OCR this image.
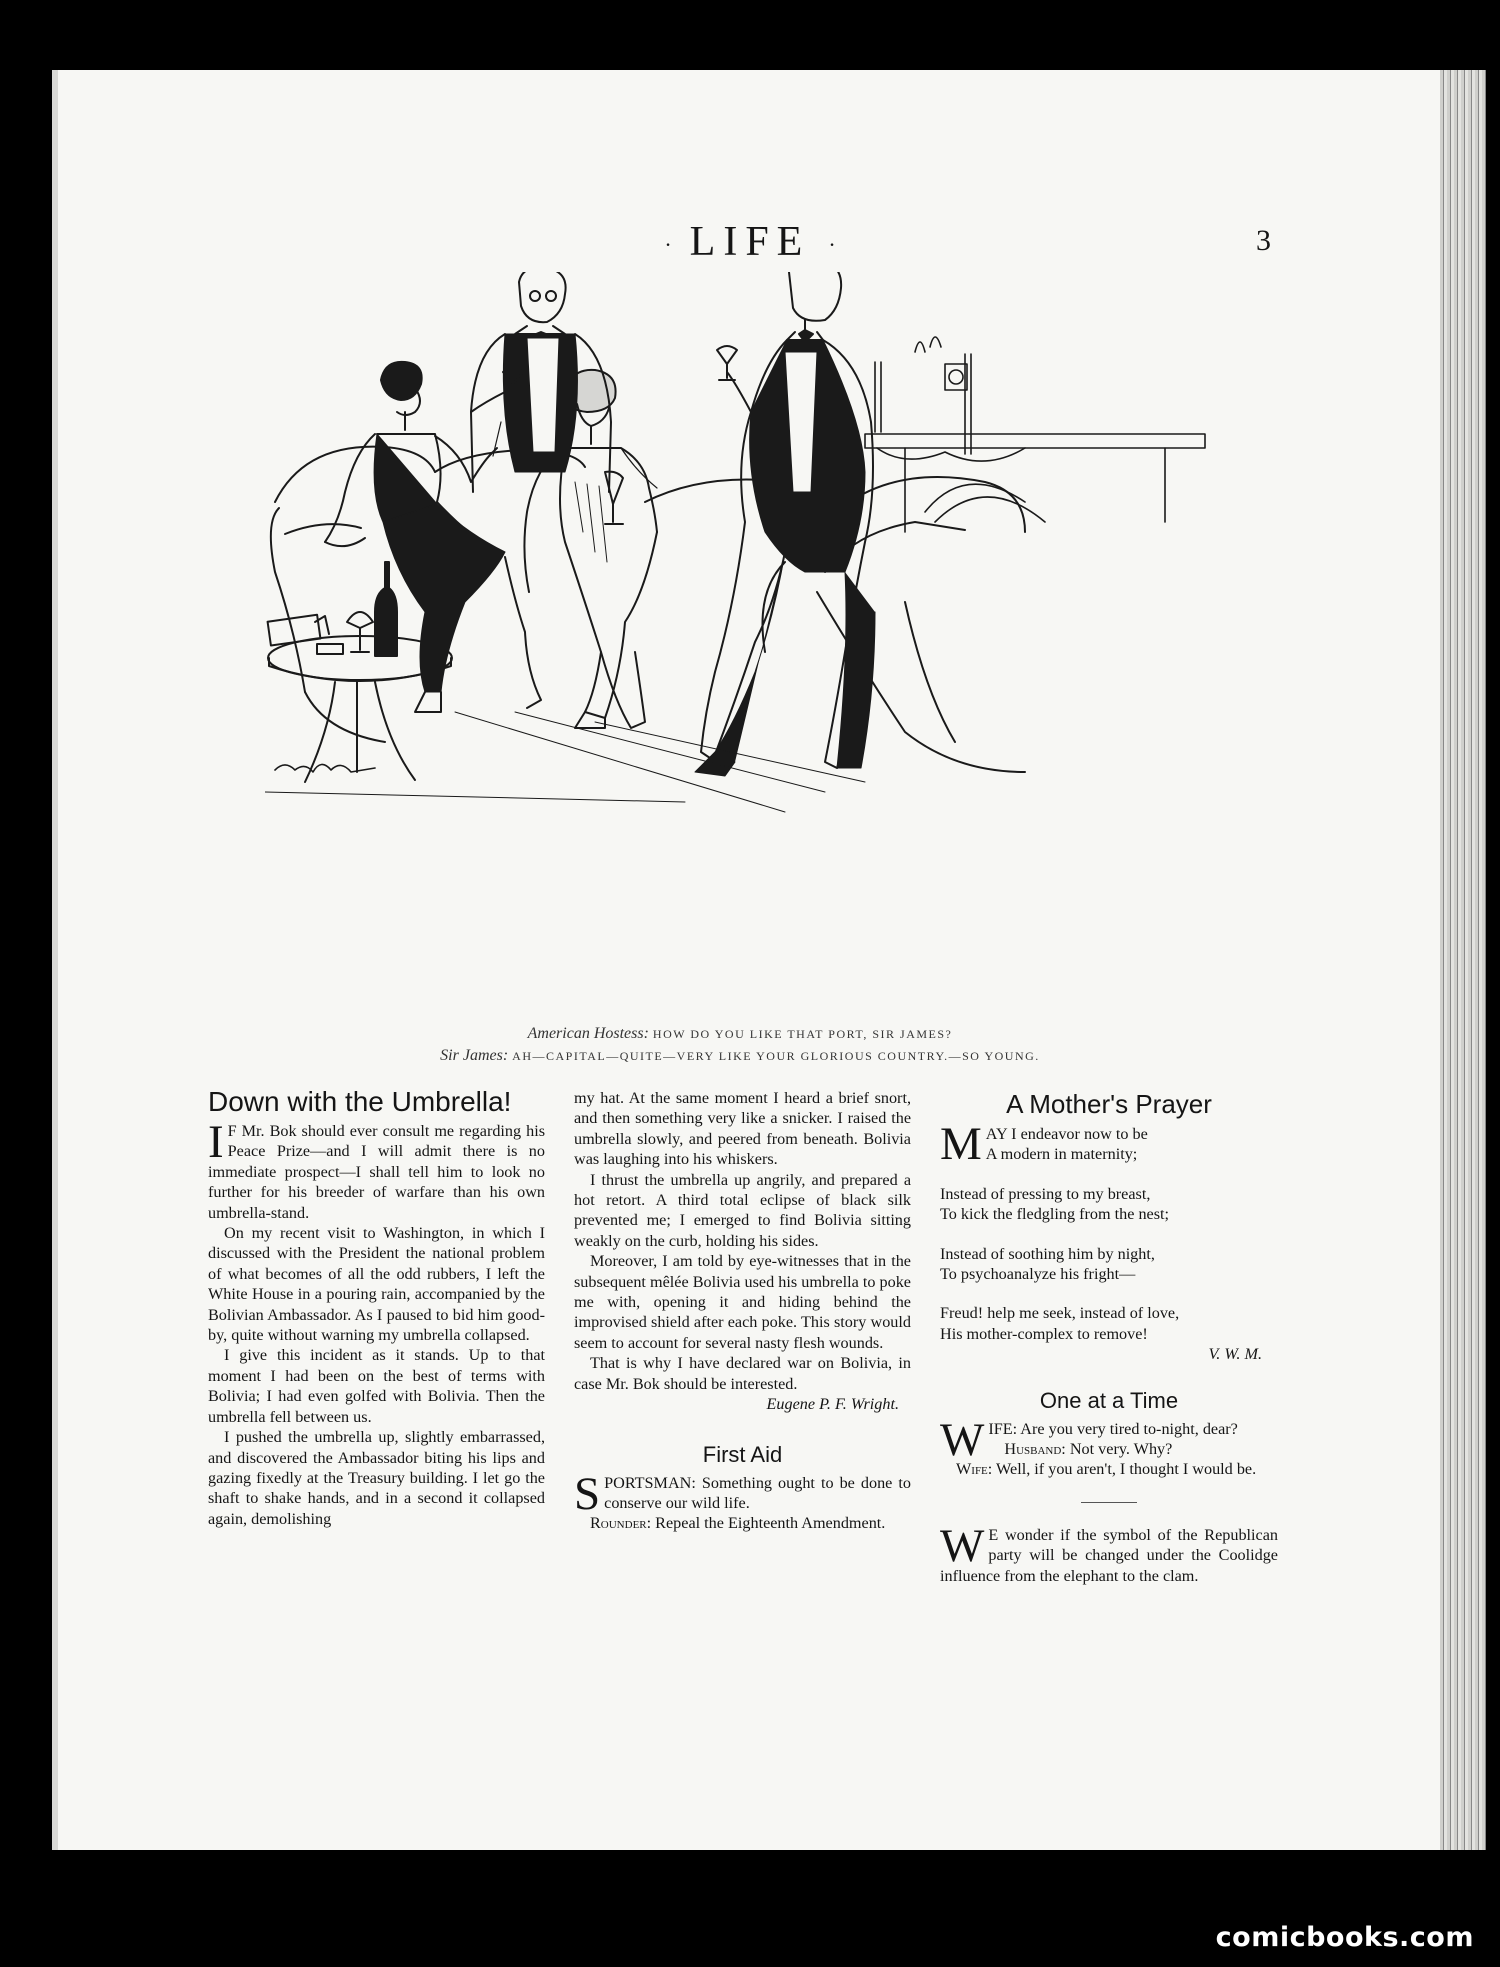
· LIFE ·	3
American Hostess: HOW DO YOU LIKE THAT PORT, SIR JAMES?
Sir James: AH—CAPITAL—QUITE—VERY LIKE YOUR GLORIOUS COUNTRY.—SO YOUNG.
Down with the Umbrella!

I F Mr. Bok should ever consult me regarding his Peace Prize—and I will admit there is no immediate prospect—I shall tell him to look no further for his breeder of warfare than his own umbrella-stand.

On my recent visit to Washington, in which I discussed with the President the national problem of what becomes of all the odd rubbers, I left the White House in a pouring rain, accompanied by the Bolivian Ambassador. As I paused to bid him good-by, quite without warning my umbrella collapsed.

I give this incident as it stands. Up to that moment I had been on the best of terms with Bolivia; I had even golfed with Bolivia. Then the umbrella fell between us.

I pushed the umbrella up, slightly embarrassed, and discovered the Ambassador biting his lips and gazing fixedly at the Treasury building. I let go the shaft to shake hands, and in a second it collapsed again, demolishing

my hat. At the same moment I heard a brief snort, and then something very like a snicker. I raised the umbrella slowly, and peered from beneath. Bolivia was laughing into his whiskers.

I thrust the umbrella up angrily, and prepared a hot retort. A third total eclipse of black silk prevented me; I emerged to find Bolivia sitting weakly on the curb, holding his sides.

Moreover, I am told by eye-witnesses that in the subsequent mêlée Bolivia used his umbrella to poke me with, opening it and hiding behind the improvised shield after each poke. This story would seem to account for several nasty flesh wounds.

That is why I have declared war on Bolivia, in case Mr. Bok should be interested.

Eugene P. F. Wright.
First Aid

SPORTSMAN: Something ought to be done to conserve our wild life.

Rounder: Repeal the Eighteenth Amendment.

A Mother's Prayer

MAY I endeavor now to be

A modern in maternity;

Instead of pressing to my breast,

To kick the fledgling from the nest;

Instead of soothing him by night,

To psychoanalyze his fright—

Freud! help me seek, instead of love,

His mother-complex to remove!

V. W. M.
One at a Time

WIFE: Are you very tired to-night, dear?

Husband: Not very. Why?

Wife: Well, if you aren't, I thought I would be.

W E wonder if the symbol of the Republican party will be changed under the Coolidge influence from the elephant to the clam.

comicbooks.com
